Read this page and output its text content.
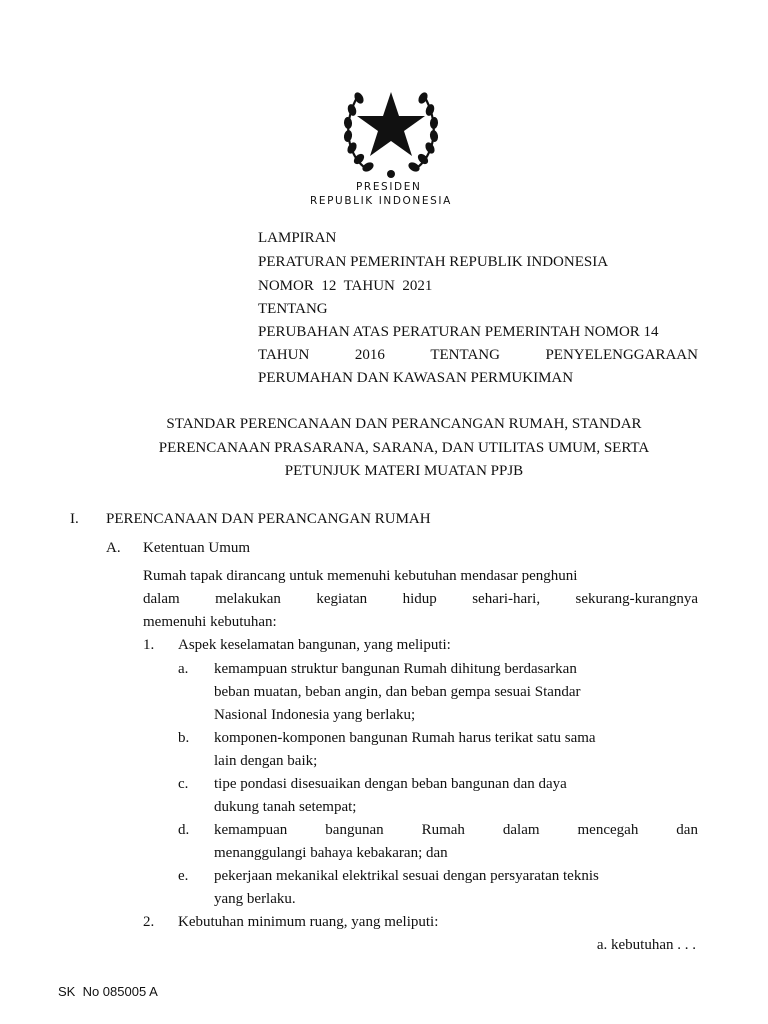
PRESIDEN
REPUBLIK INDONESIA
LAMPIRAN
PERATURAN PEMERINTAH REPUBLIK INDONESIA
NOMOR  12  TAHUN  2021
TENTANG
PERUBAHAN ATAS PERATURAN PEMERINTAH NOMOR 14
TAHUN	2016	TENTANG	PENYELENGGARAAN
PERUMAHAN DAN KAWASAN PERMUKIMAN
STANDAR PERENCANAAN DAN PERANCANGAN RUMAH, STANDAR
PERENCANAAN PRASARANA, SARANA, DAN UTILITAS UMUM, SERTA
PETUNJUK MATERI MUATAN PPJB
I. PERENCANAAN DAN PERANCANGAN RUMAH
A. Ketentuan Umum
Rumah tapak dirancang untuk memenuhi kebutuhan mendasar penghuni
dalam melakukan kegiatan hidup sehari-hari, sekurang-kurangnya
memenuhi kebutuhan:
1. Aspek keselamatan bangunan, yang meliputi:
a. kemampuan struktur bangunan Rumah dihitung berdasarkan
beban muatan, beban angin, dan beban gempa sesuai Standar
Nasional Indonesia yang berlaku;
b. komponen-komponen bangunan Rumah harus terikat satu sama
lain dengan baik;
c. tipe pondasi disesuaikan dengan beban bangunan dan daya
dukung tanah setempat;
d. kemampuan	bangunan	Rumah	dalam	mencegah	dan
menanggulangi bahaya kebakaran; dan
e. pekerjaan mekanikal elektrikal sesuai dengan persyaratan teknis
yang berlaku.
2. Kebutuhan minimum ruang, yang meliputi:
a. kebutuhan . . .
SK  No 085005 A
